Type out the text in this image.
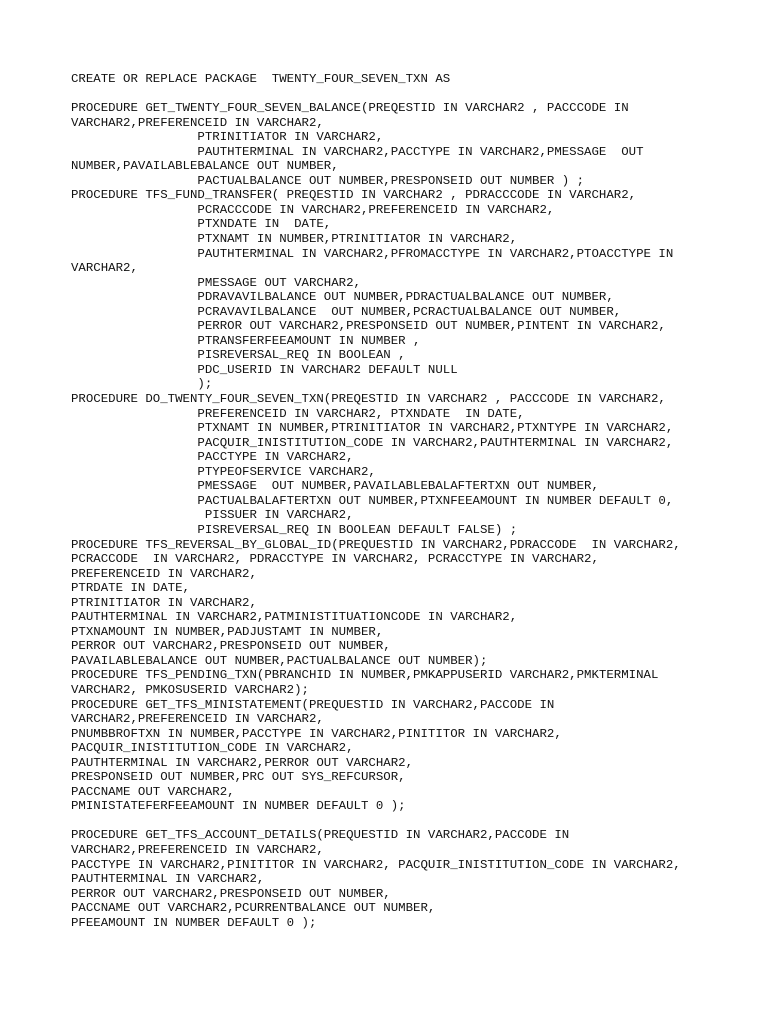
CREATE OR REPLACE PACKAGE  TWENTY_FOUR_SEVEN_TXN AS
PROCEDURE GET_TWENTY_FOUR_SEVEN_BALANCE(PREQESTID IN VARCHAR2 , PACCCODE IN
VARCHAR2,PREFERENCEID IN VARCHAR2,
PTRINITIATOR IN VARCHAR2,
PAUTHTERMINAL IN VARCHAR2,PACCTYPE IN VARCHAR2,PMESSAGE  OUT
NUMBER,PAVAILABLEBALANCE OUT NUMBER,
PACTUALBALANCE OUT NUMBER,PRESPONSEID OUT NUMBER ) ;
PROCEDURE TFS_FUND_TRANSFER( PREQESTID IN VARCHAR2 , PDRACCCODE IN VARCHAR2,
PCRACCCODE IN VARCHAR2,PREFERENCEID IN VARCHAR2,
PTXNDATE IN  DATE,
PTXNAMT IN NUMBER,PTRINITIATOR IN VARCHAR2,
PAUTHTERMINAL IN VARCHAR2,PFROMACCTYPE IN VARCHAR2,PTOACCTYPE IN
VARCHAR2,
PMESSAGE OUT VARCHAR2,
PDRAVAVILBALANCE OUT NUMBER,PDRACTUALBALANCE OUT NUMBER,
PCRAVAVILBALANCE  OUT NUMBER,PCRACTUALBALANCE OUT NUMBER,
PERROR OUT VARCHAR2,PRESPONSEID OUT NUMBER,PINTENT IN VARCHAR2,
PTRANSFERFEEAMOUNT IN NUMBER ,
PISREVERSAL_REQ IN BOOLEAN ,
PDC_USERID IN VARCHAR2 DEFAULT NULL
);
PROCEDURE DO_TWENTY_FOUR_SEVEN_TXN(PREQESTID IN VARCHAR2 , PACCCODE IN VARCHAR2,
PREFERENCEID IN VARCHAR2, PTXNDATE  IN DATE,
PTXNAMT IN NUMBER,PTRINITIATOR IN VARCHAR2,PTXNTYPE IN VARCHAR2,
PACQUIR_INISTITUTION_CODE IN VARCHAR2,PAUTHTERMINAL IN VARCHAR2,
PACCTYPE IN VARCHAR2,
PTYPEOFSERVICE VARCHAR2,
PMESSAGE  OUT NUMBER,PAVAILABLEBALAFTERTXN OUT NUMBER,
PACTUALBALAFTERTXN OUT NUMBER,PTXNFEEAMOUNT IN NUMBER DEFAULT 0,
PISSUER IN VARCHAR2,
PISREVERSAL_REQ IN BOOLEAN DEFAULT FALSE) ;
PROCEDURE TFS_REVERSAL_BY_GLOBAL_ID(PREQUESTID IN VARCHAR2,PDRACCODE  IN VARCHAR2,
PCRACCODE  IN VARCHAR2, PDRACCTYPE IN VARCHAR2, PCRACCTYPE IN VARCHAR2,
PREFERENCEID IN VARCHAR2,
PTRDATE IN DATE,
PTRINITIATOR IN VARCHAR2,
PAUTHTERMINAL IN VARCHAR2,PATMINISTITUATIONCODE IN VARCHAR2,
PTXNAMOUNT IN NUMBER,PADJUSTAMT IN NUMBER,
PERROR OUT VARCHAR2,PRESPONSEID OUT NUMBER,
PAVAILABLEBALANCE OUT NUMBER,PACTUALBALANCE OUT NUMBER);
PROCEDURE TFS_PENDING_TXN(PBRANCHID IN NUMBER,PMKAPPUSERID VARCHAR2,PMKTERMINAL
VARCHAR2, PMKOSUSERID VARCHAR2);
PROCEDURE GET_TFS_MINISTATEMENT(PREQUESTID IN VARCHAR2,PACCODE IN
VARCHAR2,PREFERENCEID IN VARCHAR2,
PNUMBBROFTXN IN NUMBER,PACCTYPE IN VARCHAR2,PINITITOR IN VARCHAR2,
PACQUIR_INISTITUTION_CODE IN VARCHAR2,
PAUTHTERMINAL IN VARCHAR2,PERROR OUT VARCHAR2,
PRESPONSEID OUT NUMBER,PRC OUT SYS_REFCURSOR,
PACCNAME OUT VARCHAR2,
PMINISTATEFERFEEAMOUNT IN NUMBER DEFAULT 0 );
PROCEDURE GET_TFS_ACCOUNT_DETAILS(PREQUESTID IN VARCHAR2,PACCODE IN
VARCHAR2,PREFERENCEID IN VARCHAR2,
PACCTYPE IN VARCHAR2,PINITITOR IN VARCHAR2, PACQUIR_INISTITUTION_CODE IN VARCHAR2,
PAUTHTERMINAL IN VARCHAR2,
PERROR OUT VARCHAR2,PRESPONSEID OUT NUMBER,
PACCNAME OUT VARCHAR2,PCURRENTBALANCE OUT NUMBER,
PFEEAMOUNT IN NUMBER DEFAULT 0 );
